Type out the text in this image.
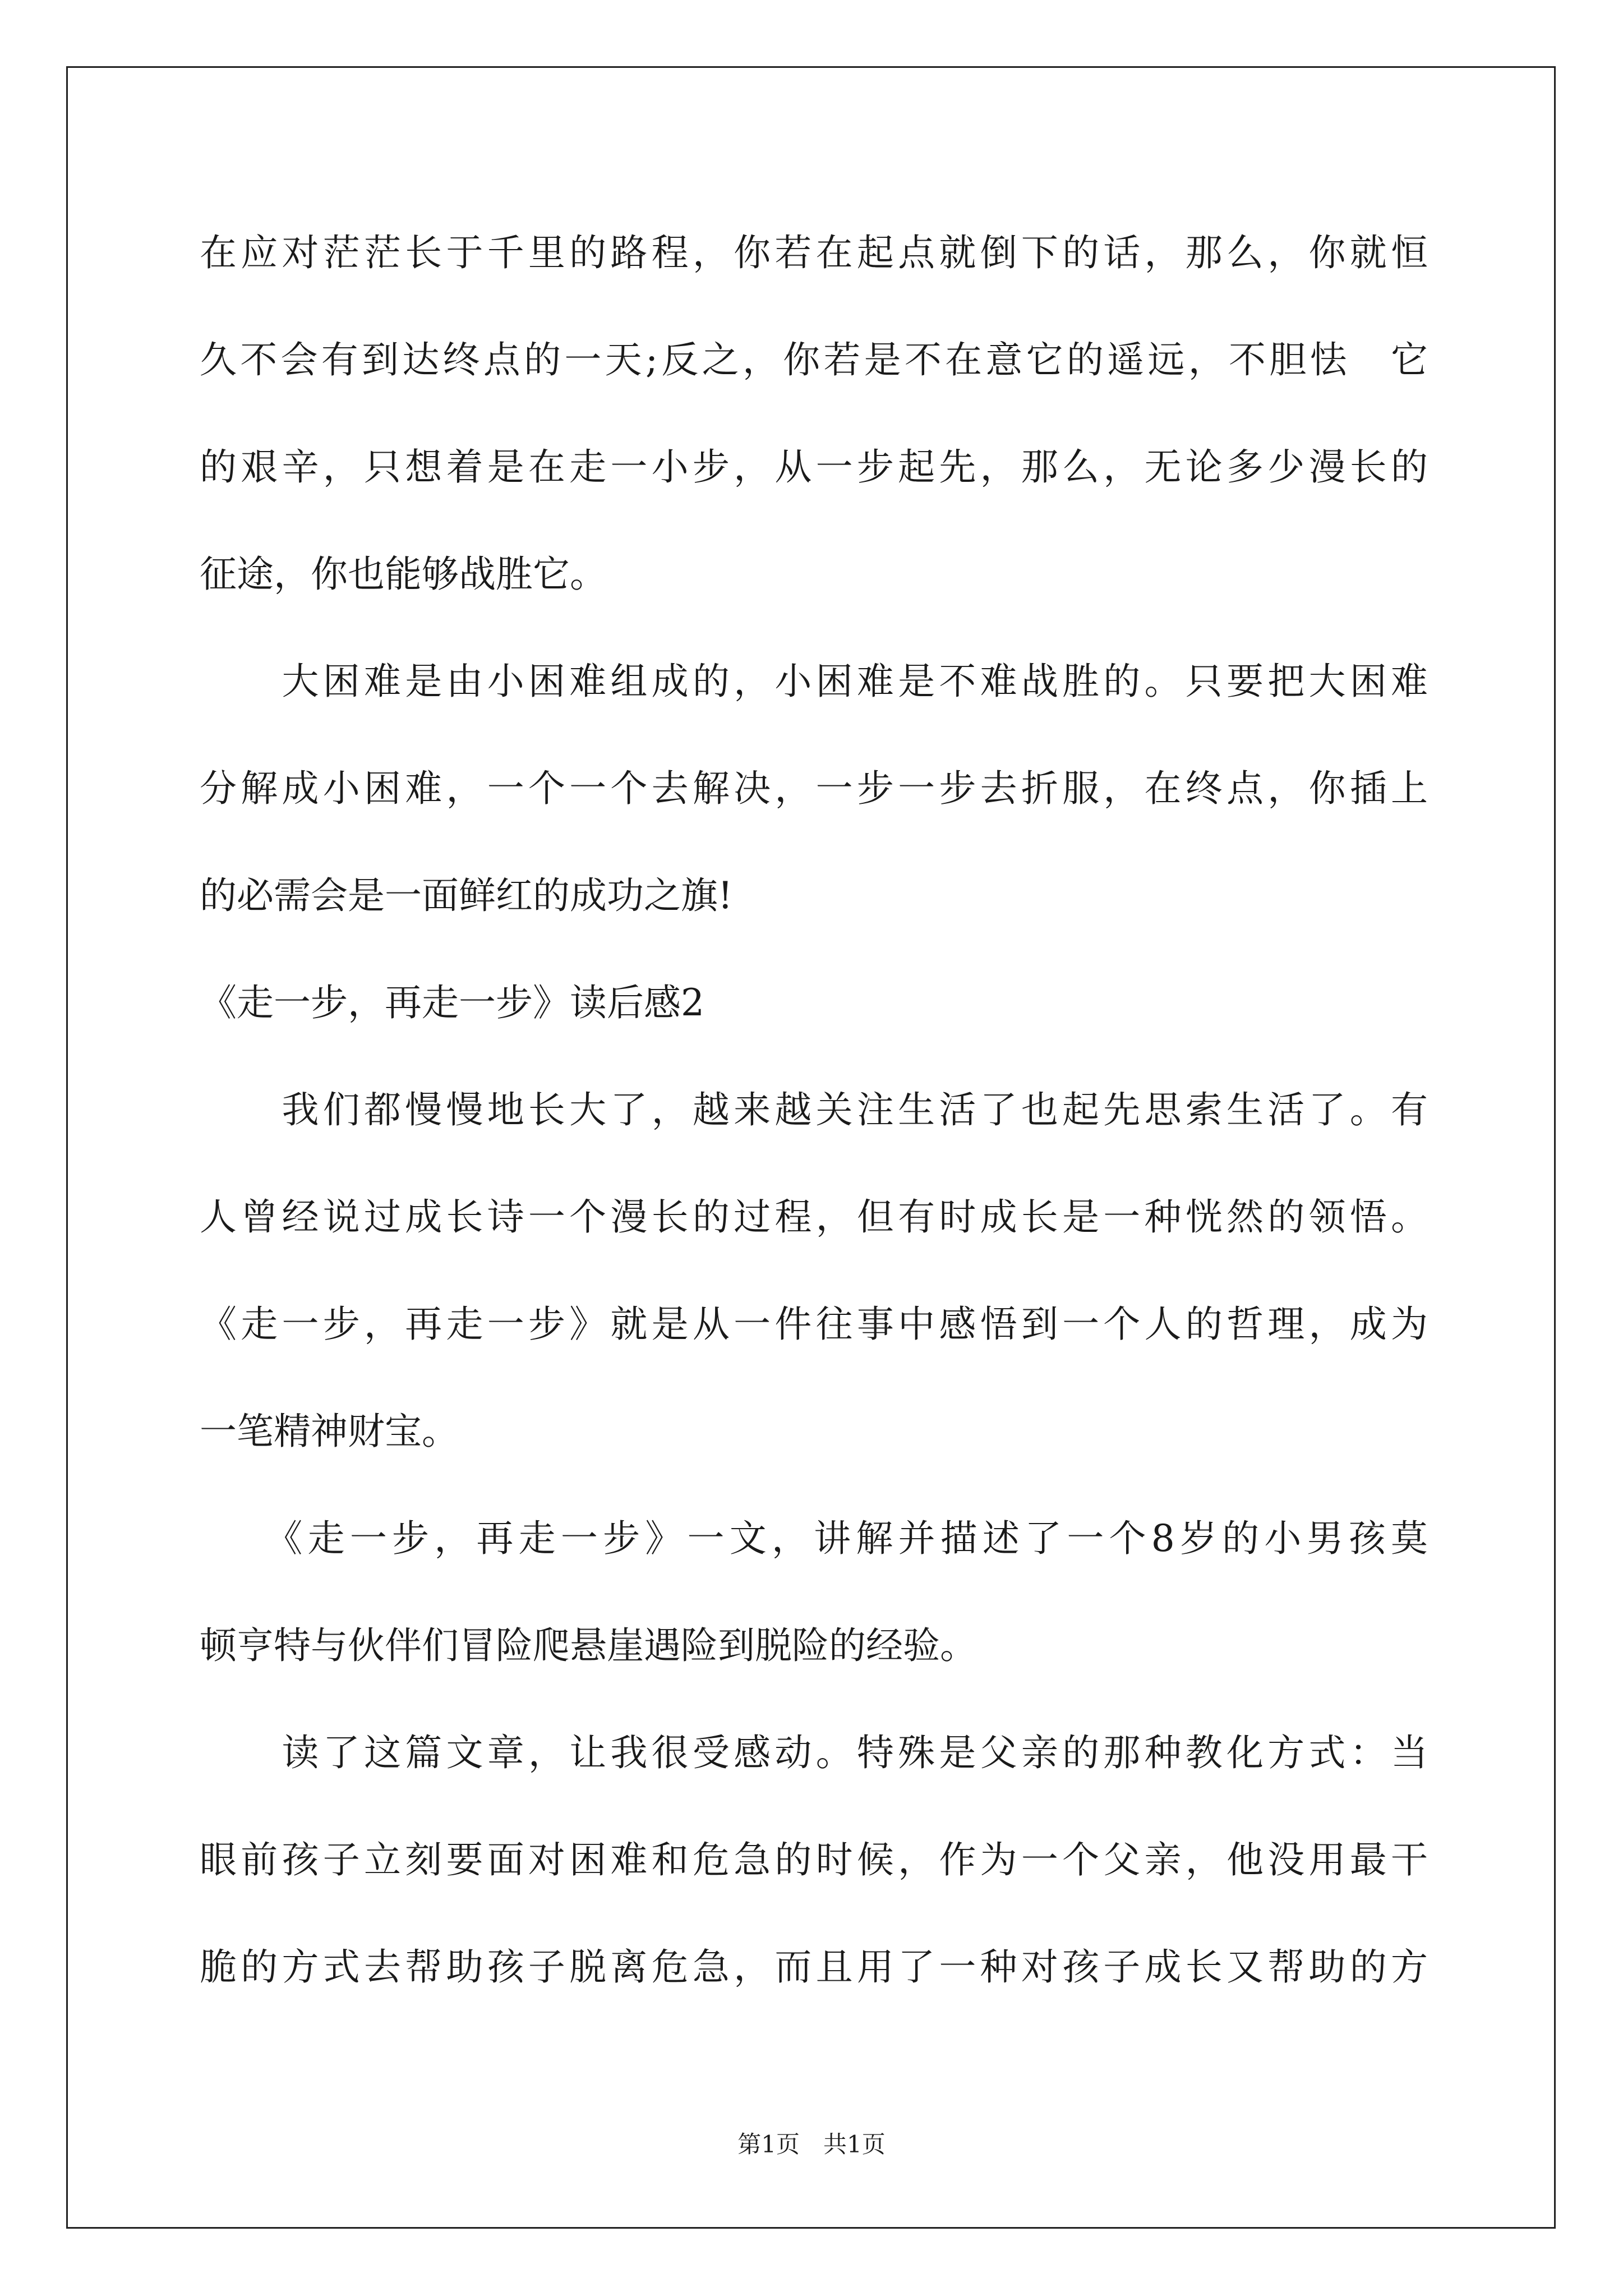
在应对茫茫长于千里的路程，你若在起点就倒下的话，那么，你就恒
久不会有到达终点的一天;反之，你若是不在意它的遥远，不胆怯　它
的艰辛，只想着是在走一小步，从一步起先，那么，无论多少漫长的
征途，你也能够战胜它。
　　大困难是由小困难组成的，小困难是不难战胜的。只要把大困难
分解成小困难，一个一个去解决，一步一步去折服，在终点，你插上
的必需会是一面鲜红的成功之旗!
《走一步，再走一步》读后感2
　　我们都慢慢地长大了，越来越关注生活了也起先思索生活了。有
人曾经说过成长诗一个漫长的过程，但有时成长是一种恍然的领悟。
《走一步，再走一步》就是从一件往事中感悟到一个人的哲理，成为
一笔精神财宝。
　　《走一步，再走一步》一文，讲解并描述了一个8岁的小男孩莫
顿亨特与伙伴们冒险爬悬崖遇险到脱险的经验。
　　读了这篇文章，让我很受感动。特殊是父亲的那种教化方式：当
眼前孩子立刻要面对困难和危急的时候，作为一个父亲，他没用最干
脆的方式去帮助孩子脱离危急，而且用了一种对孩子成长又帮助的方
第1页　共1页
